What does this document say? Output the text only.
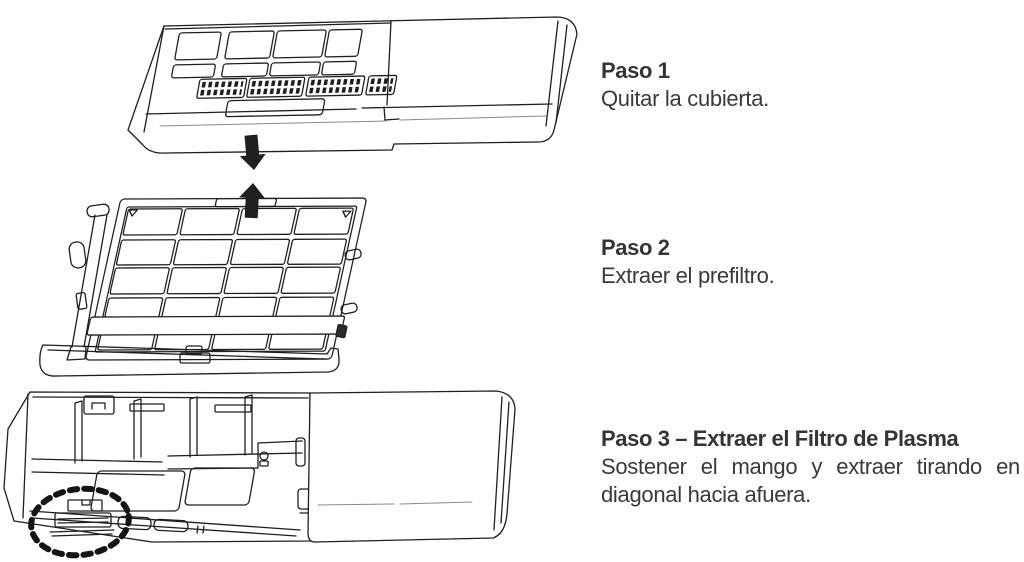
Paso 1

Quitar la cubierta.

Paso 2

Extraer el prefiltro.

Paso 3 – Extraer el Filtro de Plasma

Sostener el mango y extraer tirando en

diagonal hacia afuera.
